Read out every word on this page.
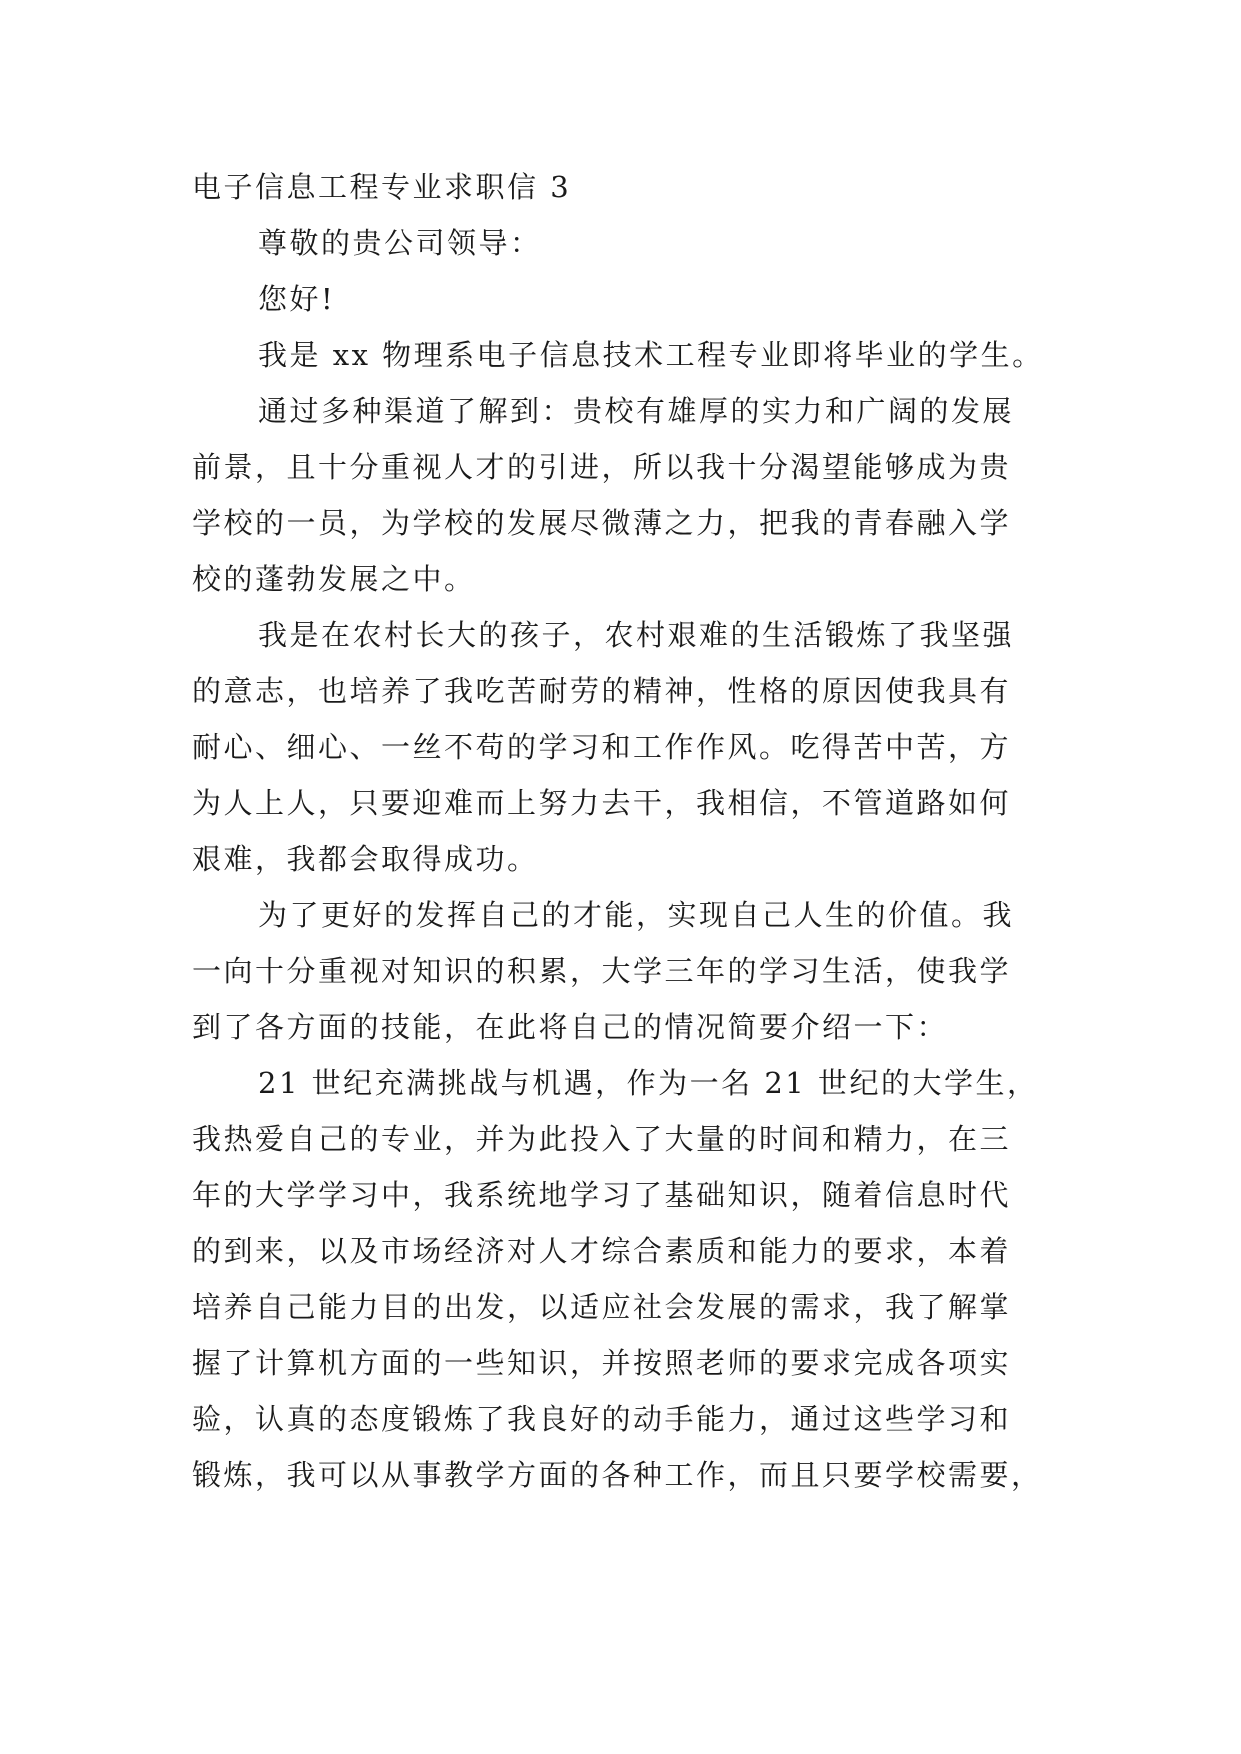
电子信息工程专业求职信 3

尊敬的贵公司领导：

您好!

我是 xx 物理系电子信息技术工程专业即将毕业的学生。

通过多种渠道了解到：贵校有雄厚的实力和广阔的发展

前景，且十分重视人才的引进，所以我十分渴望能够成为贵

学校的一员，为学校的发展尽微薄之力，把我的青春融入学

校的蓬勃发展之中。

我是在农村长大的孩子，农村艰难的生活锻炼了我坚强

的意志，也培养了我吃苦耐劳的精神，性格的原因使我具有

耐心、细心、一丝不苟的学习和工作作风。吃得苦中苦，方

为人上人，只要迎难而上努力去干，我相信，不管道路如何

艰难，我都会取得成功。

为了更好的发挥自己的才能，实现自己人生的价值。我

一向十分重视对知识的积累，大学三年的学习生活，使我学

到了各方面的技能，在此将自己的情况简要介绍一下：

21 世纪充满挑战与机遇，作为一名 21 世纪的大学生，

我热爱自己的专业，并为此投入了大量的时间和精力，在三

年的大学学习中，我系统地学习了基础知识，随着信息时代

的到来，以及市场经济对人才综合素质和能力的要求，本着

培养自己能力目的出发，以适应社会发展的需求，我了解掌

握了计算机方面的一些知识，并按照老师的要求完成各项实

验，认真的态度锻炼了我良好的动手能力，通过这些学习和

锻炼，我可以从事教学方面的各种工作，而且只要学校需要，
